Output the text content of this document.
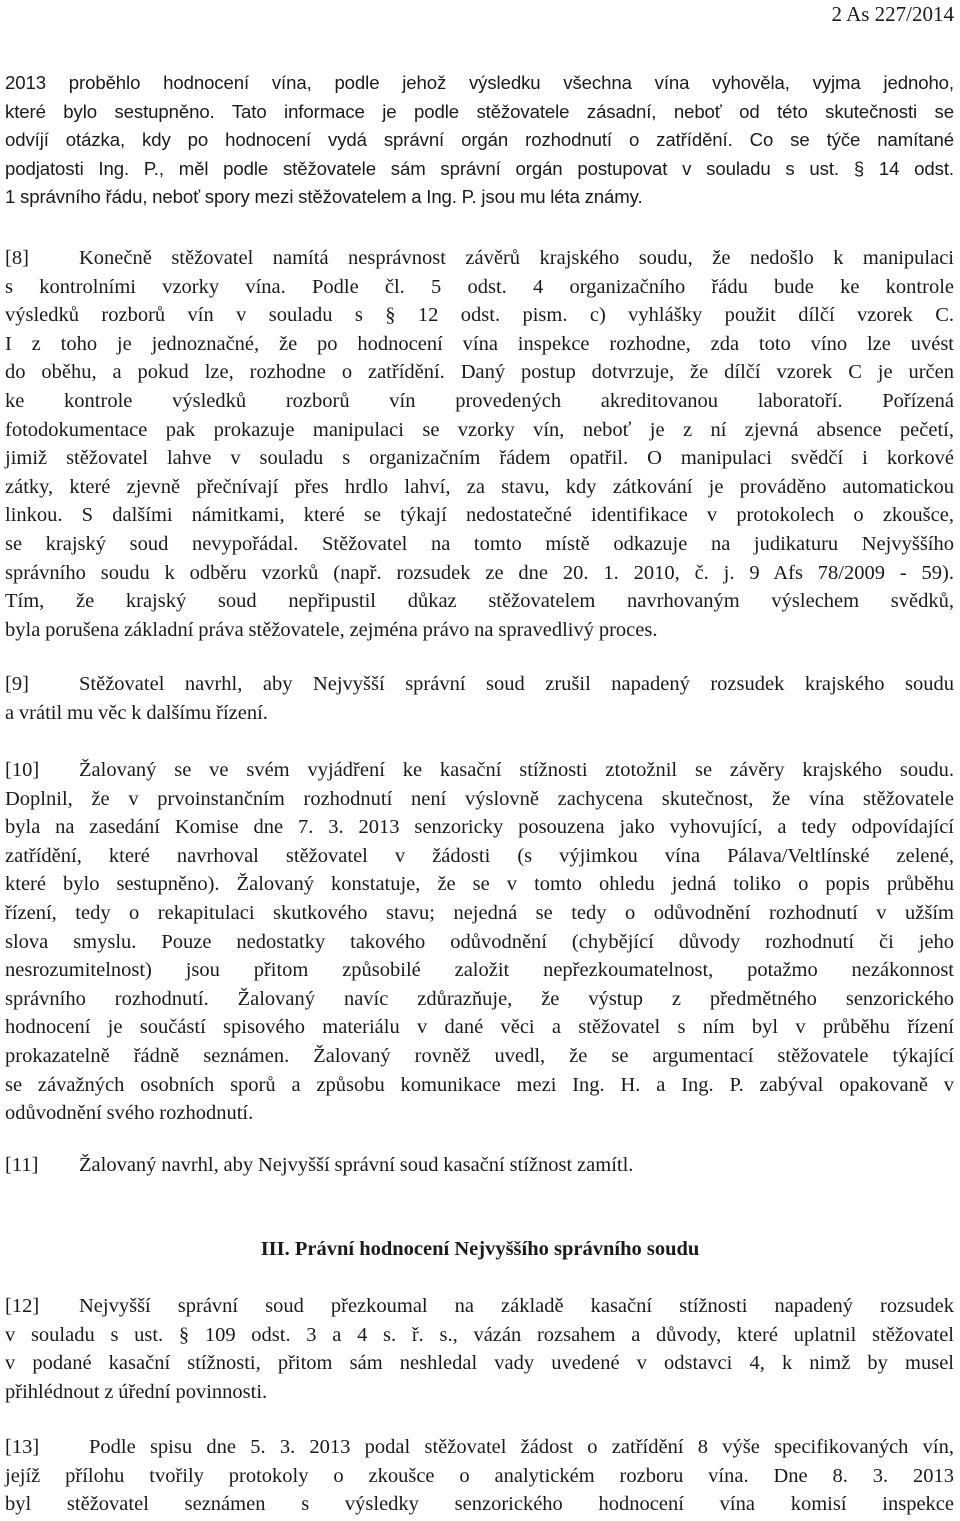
2 As 227/2014
2013 proběhlo hodnocení vína, podle jehož výsledku všechna vína vyhověla, vyjma jednoho,
které bylo sestupněno. Tato informace je podle stěžovatele zásadní, neboť od této skutečnosti se
odvíjí otázka, kdy po hodnocení vydá správní orgán rozhodnutí o zatřídění. Co se týče namítané
podjatosti Ing. P., měl podle stěžovatele sám správní orgán postupovat v souladu s ust. § 14 odst.
1 správního řádu, neboť spory mezi stěžovatelem a Ing. P. jsou mu léta známy.
[8] Konečně stěžovatel namítá nesprávnost závěrů krajského soudu, že nedošlo k manipulaci
s kontrolními vzorky vína. Podle čl. 5 odst. 4 organizačního řádu bude ke kontrole
výsledků rozborů vín v souladu s § 12 odst. pism. c) vyhlášky použit dílčí vzorek C.
I z toho je jednoznačné, že po hodnocení vína inspekce rozhodne, zda toto víno lze uvést
do oběhu, a pokud lze, rozhodne o zatřídění. Daný postup dotvrzuje, že dílčí vzorek C je určen
ke kontrole výsledků rozborů vín provedených akreditovanou laboratoří. Pořízená
fotodokumentace pak prokazuje manipulaci se vzorky vín, neboť je z ní zjevná absence pečetí,
jimiž stěžovatel lahve v souladu s organizačním řádem opatřil. O manipulaci svědčí i korkové
zátky, které zjevně přečnívají přes hrdlo lahví, za stavu, kdy zátkování je prováděno automatickou
linkou. S dalšími námitkami, které se týkají nedostatečné identifikace v protokolech o zkoušce,
se krajský soud nevypořádal. Stěžovatel na tomto místě odkazuje na judikaturu Nejvyššího
správního soudu k odběru vzorků (např. rozsudek ze dne 20. 1. 2010, č. j. 9 Afs 78/2009 - 59).
Tím, že krajský soud nepřipustil důkaz stěžovatelem navrhovaným výslechem svědků,
byla porušena základní práva stěžovatele, zejména právo na spravedlivý proces.
[9] Stěžovatel navrhl, aby Nejvyšší správní soud zrušil napadený rozsudek krajského soudu
a vrátil mu věc k dalšímu řízení.
[10] Žalovaný se ve svém vyjádření ke kasační stížnosti ztotožnil se závěry krajského soudu.
Doplnil, že v prvoinstančním rozhodnutí není výslovně zachycena skutečnost, že vína stěžovatele
byla na zasedání Komise dne 7. 3. 2013 senzoricky posouzena jako vyhovující, a tedy odpovídající
zatřídění, které navrhoval stěžovatel v žádosti (s výjimkou vína Pálava/Veltlínské zelené,
které bylo sestupněno). Žalovaný konstatuje, že se v tomto ohledu jedná toliko o popis průběhu
řízení, tedy o rekapitulaci skutkového stavu; nejedná se tedy o odůvodnění rozhodnutí v užším
slova smyslu. Pouze nedostatky takového odůvodnění (chybějící důvody rozhodnutí či jeho
nesrozumitelnost) jsou přitom způsobilé založit nepřezkoumatelnost, potažmo nezákonnost
správního rozhodnutí. Žalovaný navíc zdůrazňuje, že výstup z předmětného senzorického
hodnocení je součástí spisového materiálu v dané věci a stěžovatel s ním byl v průběhu řízení
prokazatelně řádně seznámen. Žalovaný rovněž uvedl, že se argumentací stěžovatele týkající
se závažných osobních sporů a způsobu komunikace mezi Ing. H. a Ing. P. zabýval opakovaně v
odůvodnění svého rozhodnutí.
[11] Žalovaný navrhl, aby Nejvyšší správní soud kasační stížnost zamítl.
III. Právní hodnocení Nejvyššího správního soudu
[12] Nejvyšší správní soud přezkoumal na základě kasační stížnosti napadený rozsudek
v souladu s ust. § 109 odst. 3 a 4 s. ř. s., vázán rozsahem a důvody, které uplatnil stěžovatel
v podané kasační stížnosti, přitom sám neshledal vady uvedené v odstavci 4, k nimž by musel
přihlédnout z úřední povinnosti.
[13] Podle spisu dne 5. 3. 2013 podal stěžovatel žádost o zatřídění 8 výše specifikovaných vín,
jejíž přílohu tvořily protokoly o zkoušce o analytickém rozboru vína. Dne 8. 3. 2013
byl stěžovatel seznámen s výsledky senzorického hodnocení vína komisí inspekce
